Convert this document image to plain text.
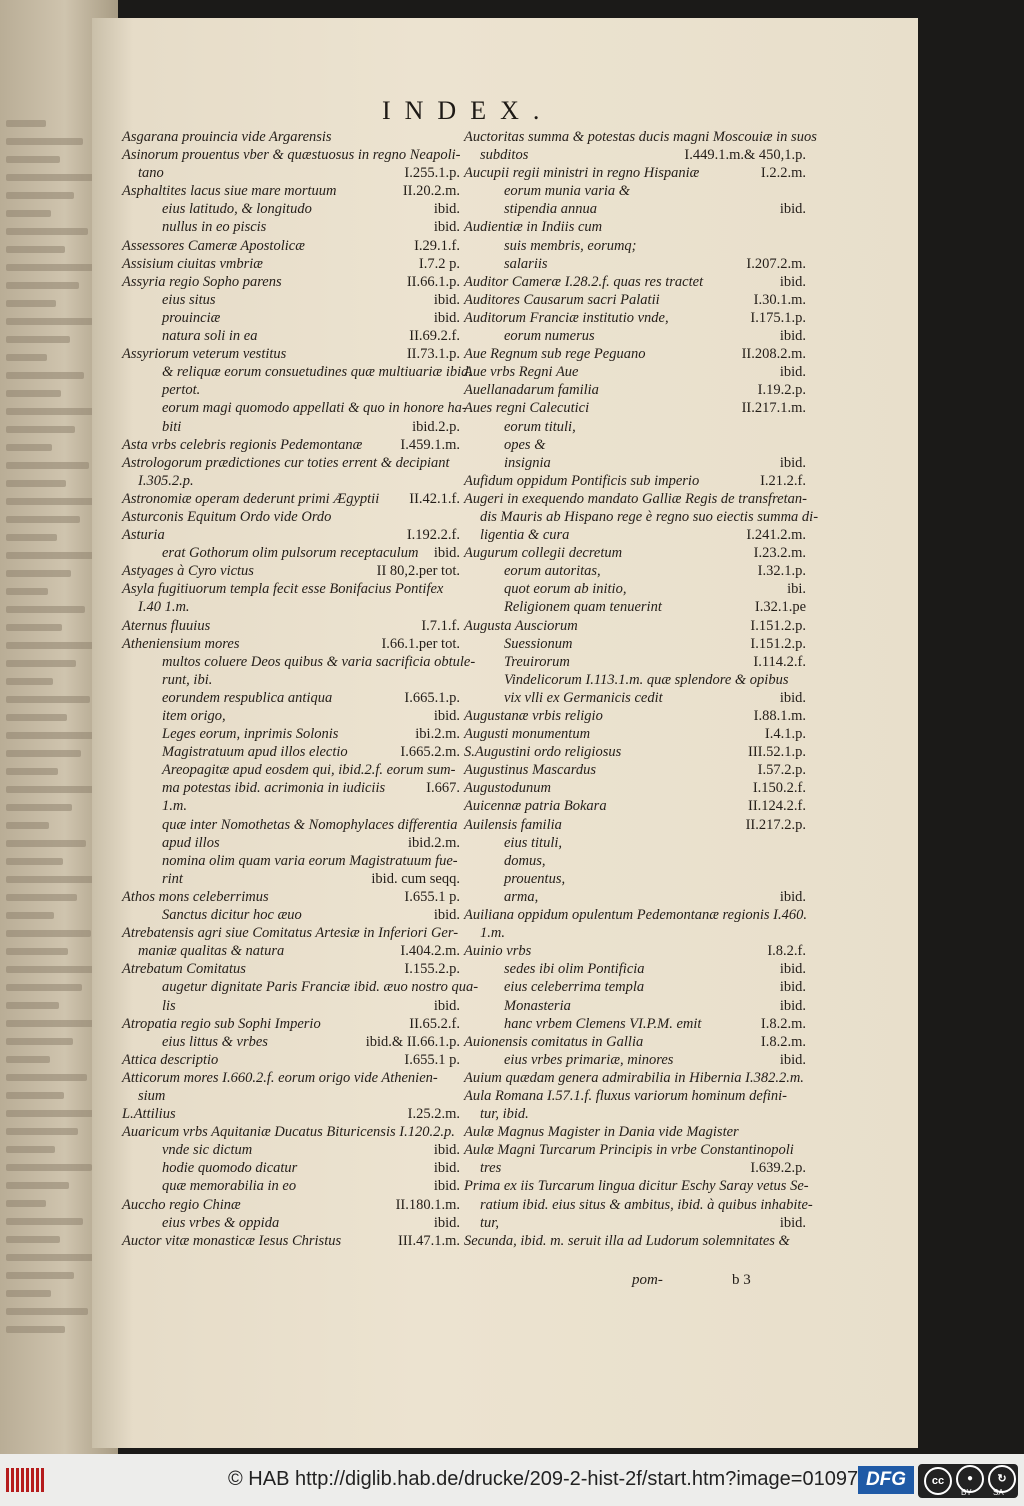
INDEX.
Asgarana prouincia vide Argarensis
Asinorum prouentus vber & quæstuosus in regno Neapoli-
tano	I.255.1.p.
Asphaltites lacus siue mare mortuum	II.20.2.m.
eius latitudo, & longitudo	ibid.
nullus in eo piscis	ibid.
Assessores Cameræ Apostolicæ	I.29.1.f.
Assisium ciuitas vmbriæ	I.7.2 p.
Assyria regio Sopho parens	II.66.1.p.
eius situs	ibid.
prouinciæ	ibid.
natura soli in ea	II.69.2.f.
Assyriorum veterum vestitus	II.73.1.p.
& reliquæ eorum consuetudines quæ multiuariæ ibid.
pertot.
eorum magi quomodo appellati & quo in honore ha-
biti	ibid.2.p.
Asta vrbs celebris regionis Pedemontanæ	I.459.1.m.
Astrologorum prædictiones cur toties errent & decipiant
I.305.2.p.
Astronomiæ operam dederunt primi Ægyptii II.42.1.f.
Asturconis Equitum Ordo vide Ordo
Asturia	I.192.2.f.
erat Gothorum olim pulsorum receptaculum ibid.
Astyages à Cyro victus	II 80,2.per tot.
Asyla fugitiuorum templa fecit esse Bonifacius Pontifex
I.40 1.m.
Aternus fluuius	I.7.1.f.
Atheniensium mores	I.66.1.per tot.
multos coluere Deos quibus & varia sacrificia obtule-
runt, ibi.
eorundem respublica antiqua	I.665.1.p.
item origo,	ibid.
Leges eorum, inprimis Solonis	ibi.2.m.
Magistratuum apud illos electio	I.665.2.m.
Areopagitæ apud eosdem qui, ibid.2.f. eorum sum-
ma potestas ibid. acrimonia in iudiciis	I.667.
1.m.
quæ inter Nomothetas & Nomophylaces differentia
apud illos	ibid.2.m.
nomina olim quam varia eorum Magistratuum fue-
rint	ibid. cum seqq.
Athos mons celeberrimus	I.655.1 p.
Sanctus dicitur hoc æuo	ibid.
Atrebatensis agri siue Comitatus Artesiæ in Inferiori Ger-
maniæ qualitas & natura	I.404.2.m.
Atrebatum Comitatus	I.155.2.p.
augetur dignitate Paris Franciæ ibid. æuo nostro qua-
lis	ibid.
Atropatia regio sub Sophi Imperio	II.65.2.f.
eius littus & vrbes	ibid.& II.66.1.p.
Attica descriptio	I.655.1 p.
Atticorum mores I.660.2.f. eorum origo vide Athenien-
sium
L.Attilius	I.25.2.m.
Auaricum vrbs Aquitaniæ Ducatus Bituricensis I.120.2.p.
vnde sic dictum	ibid.
hodie quomodo dicatur	ibid.
quæ memorabilia in eo	ibid.
Auccho regio Chinæ	II.180.1.m.
eius vrbes & oppida	ibid.
Auctor vitæ monasticæ Iesus Christus	III.47.1.m.
Auctoritas summa & potestas ducis magni Moscouiæ in suos
subditos	I.449.1.m.& 450,1.p.
Aucupii regii ministri in regno Hispaniæ	I.2.2.m.
eorum munia varia &
stipendia annua	ibid.
Audientiæ in Indiis cum
suis membris, eorumq;
salariis	I.207.2.m.
Auditor Cameræ I.28.2.f. quas res tractet	ibid.
Auditores Causarum sacri Palatii	I.30.1.m.
Auditorum Franciæ institutio vnde,	I.175.1.p.
eorum numerus	ibid.
Aue Regnum sub rege Peguano	II.208.2.m.
Aue vrbs Regni Aue	ibid.
Auellanadarum familia	I.19.2.p.
Aues regni Calecutici	II.217.1.m.
eorum tituli,
opes &
insignia	ibid.
Aufidum oppidum Pontificis sub imperio	I.21.2.f.
Augeri in exequendo mandato Galliæ Regis de transfretan-
dis Mauris ab Hispano rege è regno suo eiectis summa di-
ligentia & cura	I.241.2.m.
Augurum collegii decretum	I.23.2.m.
eorum autoritas,	I.32.1.p.
quot eorum ab initio,	ibi.
Religionem quam tenuerint	I.32.1.pe
Augusta Ausciorum	I.151.2.p.
Suessionum	I.151.2.p.
Treuirorum	I.114.2.f.
Vindelicorum I.113.1.m. quæ splendore & opibus
vix vlli ex Germanicis cedit	ibid.
Augustanæ vrbis religio	I.88.1.m.
Augusti monumentum	I.4.1.p.
S.Augustini ordo religiosus	III.52.1.p.
Augustinus Mascardus	I.57.2.p.
Augustodunum	I.150.2.f.
Auicennæ patria Bokara	II.124.2.f.
Auilensis familia	II.217.2.p.
eius tituli,
domus,
prouentus,
arma,	ibid.
Auiliana oppidum opulentum Pedemontanæ regionis I.460.
1.m.
Auinio vrbs	I.8.2.f.
sedes ibi olim Pontificia	ibid.
eius celeberrima templa	ibid.
Monasteria	ibid.
hanc vrbem Clemens VI.P.M. emit	I.8.2.m.
Auionensis comitatus in Gallia	I.8.2.m.
eius vrbes primariæ, minores	ibid.
Auium quædam genera admirabilia in Hibernia I.382.2.m.
Aula Romana I.57.1.f. fluxus variorum hominum defini-
tur, ibid.
Aulæ Magnus Magister in Dania vide Magister
Aulæ Magni Turcarum Principis in vrbe Constantinopoli
tres	I.639.2.p.
Prima ex iis Turcarum lingua dicitur Eschy Saray vetus Se-
ratium ibid. eius situs & ambitus, ibid. à quibus inhabite-
tur,	ibid.
Secunda, ibid. m. seruit illa ad Ludorum solemnitates &
b 3
pom-
© HAB http://diglib.hab.de/drucke/209-2-hist-2f/start.htm?image=01097 DFG	cc	●
BY
↻
SA
